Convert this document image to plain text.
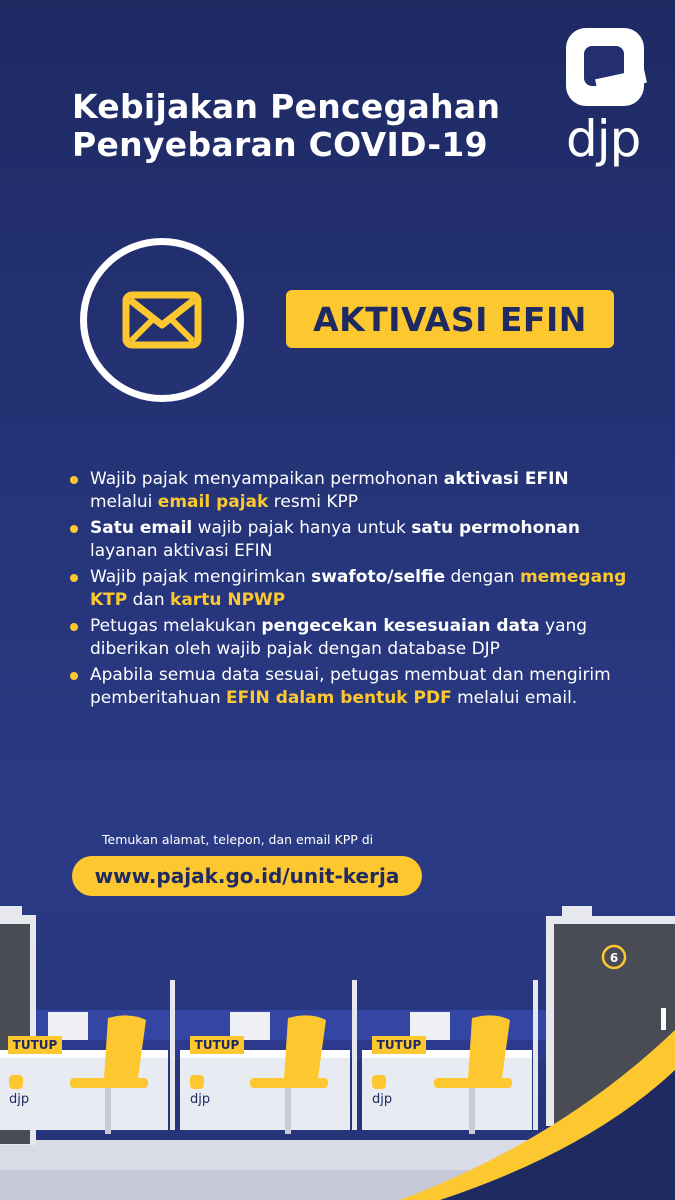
Kebijakan Pencegahan
Penyebaran COVID-19	djp
AKTIVASI EFIN
Wajib pajak menyampaikan permohonan aktivasi EFIN melalui email pajak resmi KPP
Satu email wajib pajak hanya untuk satu permohonan layanan aktivasi EFIN
Wajib pajak mengirimkan swafoto/selfie dengan memegang KTP dan kartu NPWP
Petugas melakukan pengecekan kesesuaian data yang diberikan oleh wajib pajak dengan database DJP
Apabila semua data sesuai, petugas membuat dan mengirim pemberitahuan EFIN dalam bentuk PDF melalui email.
Temukan alamat, telepon, dan email KPP di
www.pajak.go.id/unit-kerja
6
TUTUP
djp
TUTUP
djp
TUTUP
djp
